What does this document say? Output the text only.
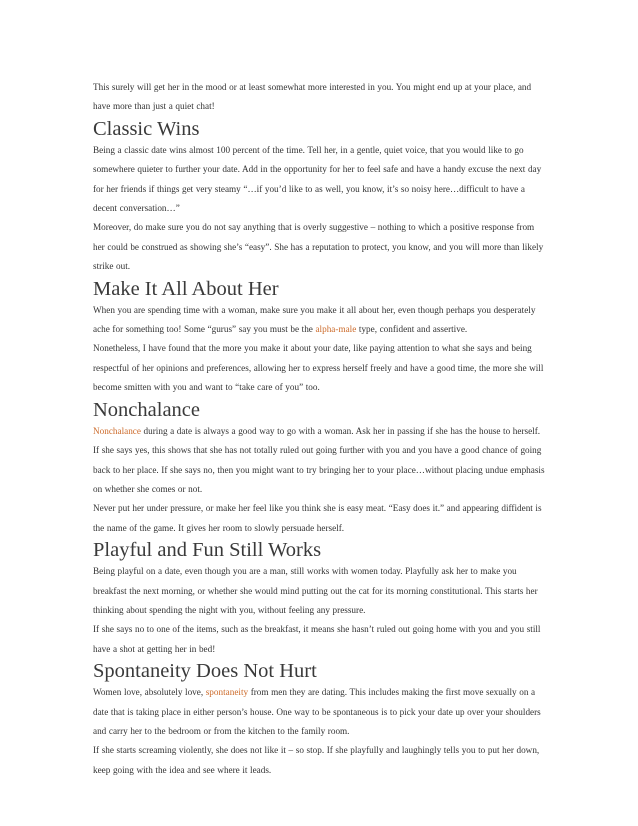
This surely will get her in the mood or at least somewhat more interested in you. You might end up at your place, and have more than just a quiet chat!

Classic Wins

Being a classic date wins almost 100 percent of the time. Tell her, in a gentle, quiet voice, that you would like to go somewhere quieter to further your date. Add in the opportunity for her to feel safe and have a handy excuse the next day for her friends if things get very steamy “…if you’d like to as well, you know, it’s so noisy here…difficult to have a decent conversation…”

Moreover, do make sure you do not say anything that is overly suggestive – nothing to which a positive response from her could be construed as showing she’s “easy”. She has a reputation to protect, you know, and you will more than likely strike out.

Make It All About Her

When you are spending time with a woman, make sure you make it all about her, even though perhaps you desperately ache for something too! Some “gurus” say you must be the alpha-male type, confident and assertive.

Nonetheless, I have found that the more you make it about your date, like paying attention to what she says and being respectful of her opinions and preferences, allowing her to express herself freely and have a good time, the more she will become smitten with you and want to “take care of you” too.

Nonchalance

Nonchalance during a date is always a good way to go with a woman. Ask her in passing if she has the house to herself. If she says yes, this shows that she has not totally ruled out going further with you and you have a good chance of going back to her place. If she says no, then you might want to try bringing her to your place…without placing undue emphasis on whether she comes or not.

Never put her under pressure, or make her feel like you think she is easy meat. “Easy does it.” and appearing diffident is the name of the game. It gives her room to slowly persuade herself.

Playful and Fun Still Works

Being playful on a date, even though you are a man, still works with women today. Playfully ask her to make you breakfast the next morning, or whether she would mind putting out the cat for its morning constitutional. This starts her thinking about spending the night with you, without feeling any pressure.

If she says no to one of the items, such as the breakfast, it means she hasn’t ruled out going home with you and you still have a shot at getting her in bed!

Spontaneity Does Not Hurt

Women love, absolutely love, spontaneity from men they are dating. This includes making the first move sexually on a date that is taking place in either person’s house. One way to be spontaneous is to pick your date up over your shoulders and carry her to the bedroom or from the kitchen to the family room.

If she starts screaming violently, she does not like it – so stop. If she playfully and laughingly tells you to put her down, keep going with the idea and see where it leads.
